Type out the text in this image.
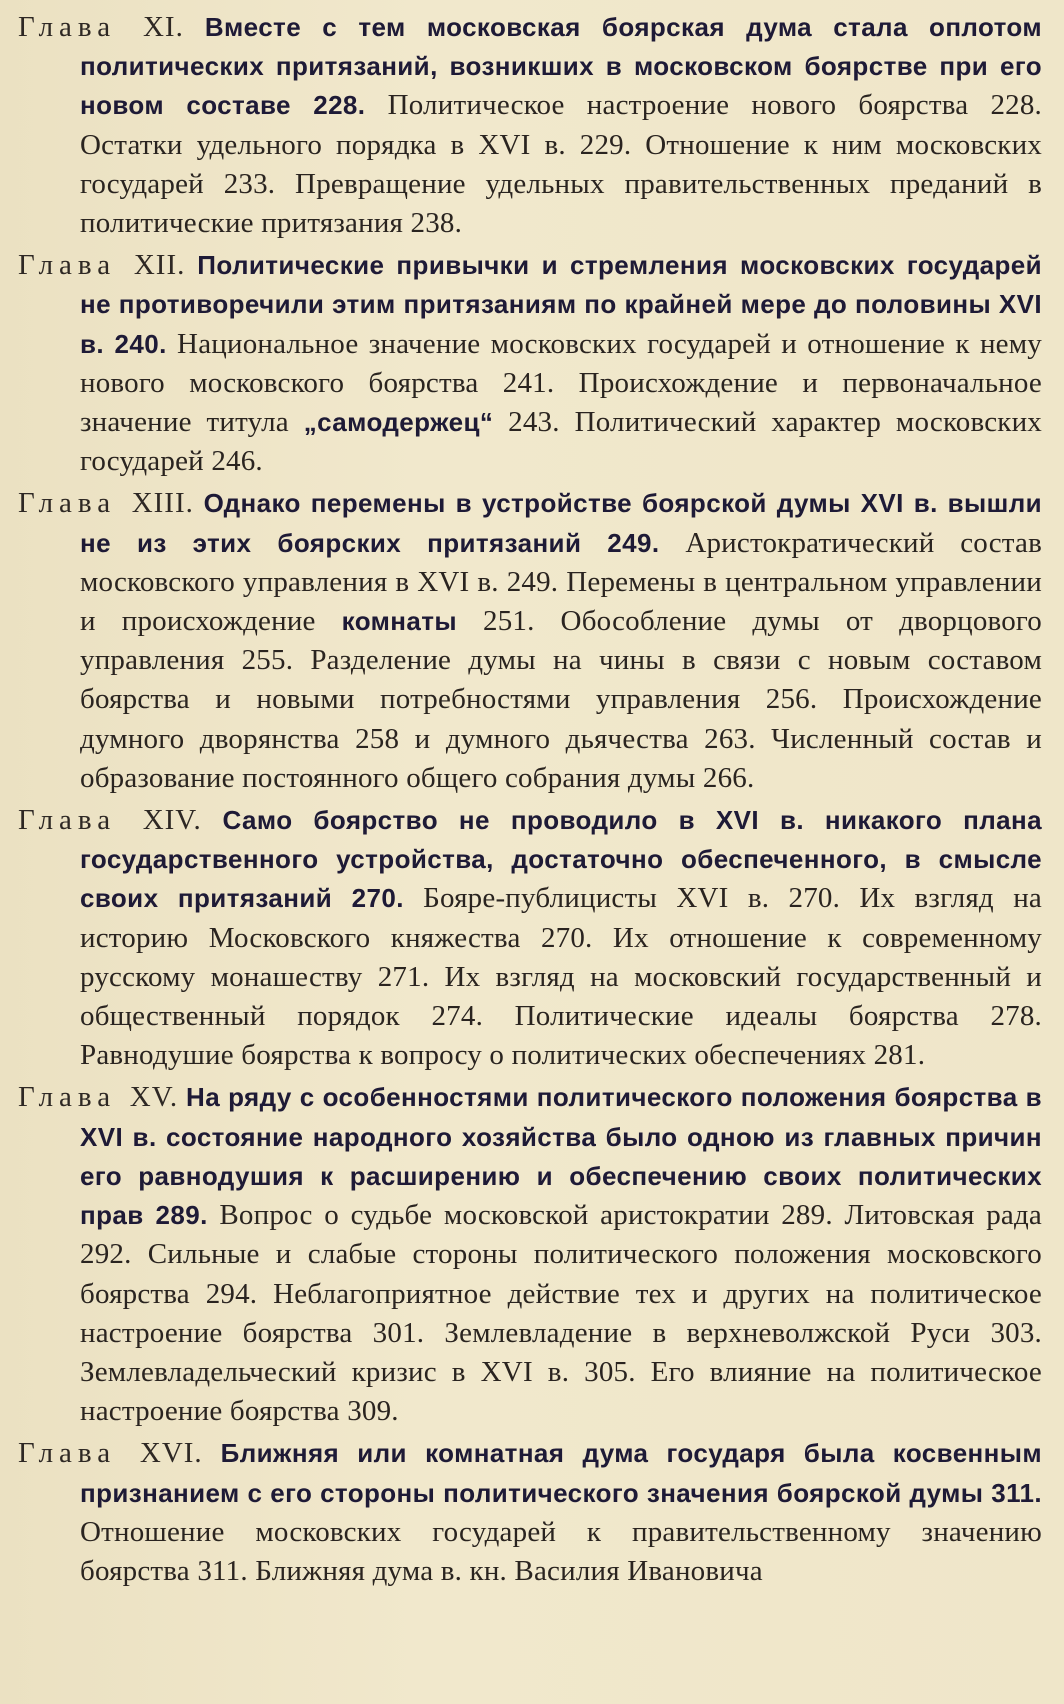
Глава XI. Вместе с тем московская боярская дума стала оплотом политических притязаний, возникших в московском боярстве при его новом составе 228. Политическое настроение нового боярства 228. Остатки удельного порядка в XVI в. 229. Отношение к ним московских государей 233. Превращение удельных правительственных преданий в политические притязания 238.

Глава XII. Политические привычки и стремления московских государей не противоречили этим притязаниям по крайней мере до половины XVI в. 240. Национальное значение московских государей и отношение к нему нового московского боярства 241. Происхождение и первоначальное значение титула „самодержец“ 243. Политический характер московских государей 246.

Глава XIII. Однако перемены в устройстве боярской думы XVI в. вышли не из этих боярских притязаний 249. Аристократический состав московского управления в XVI в. 249. Перемены в центральном управлении и происхождение комнаты 251. Обособление думы от дворцового управления 255. Разделение думы на чины в связи с новым составом боярства и новыми потребностями управления 256. Происхождение думного дворянства 258 и думного дьячества 263. Численный состав и образование постоянного общего собрания думы 266.

Глава XIV. Само боярство не проводило в XVI в. никакого плана государственного устройства, достаточно обеспеченного, в смысле своих притязаний 270. Бояре-публицисты XVI в. 270. Их взгляд на историю Московского княжества 270. Их отношение к современному русскому монашеству 271. Их взгляд на московский государственный и общественный порядок 274. Политические идеалы боярства 278. Равнодушие боярства к вопросу о политических обеспечениях 281.

Глава XV. На ряду с особенностями политического положения боярства в XVI в. состояние народного хозяйства было одною из главных причин его равнодушия к расширению и обеспечению своих политических прав 289. Вопрос о судьбе московской аристократии 289. Литовская рада 292. Сильные и слабые стороны политического положения московского боярства 294. Неблагоприятное действие тех и других на политическое настроение боярства 301. Землевладение в верхневолжской Руси 303. Землевладельческий кризис в XVI в. 305. Его влияние на политическое настроение боярства 309.

Глава XVI. Ближняя или комнатная дума государя была косвенным признанием с его стороны политического значения боярской думы 311. Отношение московских государей к правительственному значению боярства 311. Ближняя дума в. кн. Василия Ивановича
